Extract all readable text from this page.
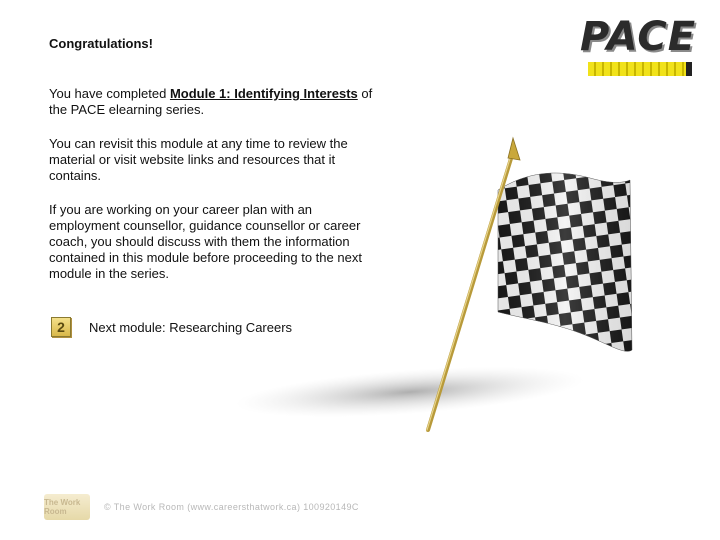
Congratulations!	PACE
You have completed Module 1: Identifying Interests of the PACE elearning series.
You can revisit this module at any time to review the material or visit website links and resources that it contains.
If you are working on your career plan with an employment counsellor, guidance counsellor or career coach, you should discuss with them the information contained in this module before proceeding to the next module in the series.
2	Next module: Researching Careers
The Work Room	© The Work Room (www.careersthatwork.ca) 100920149C
